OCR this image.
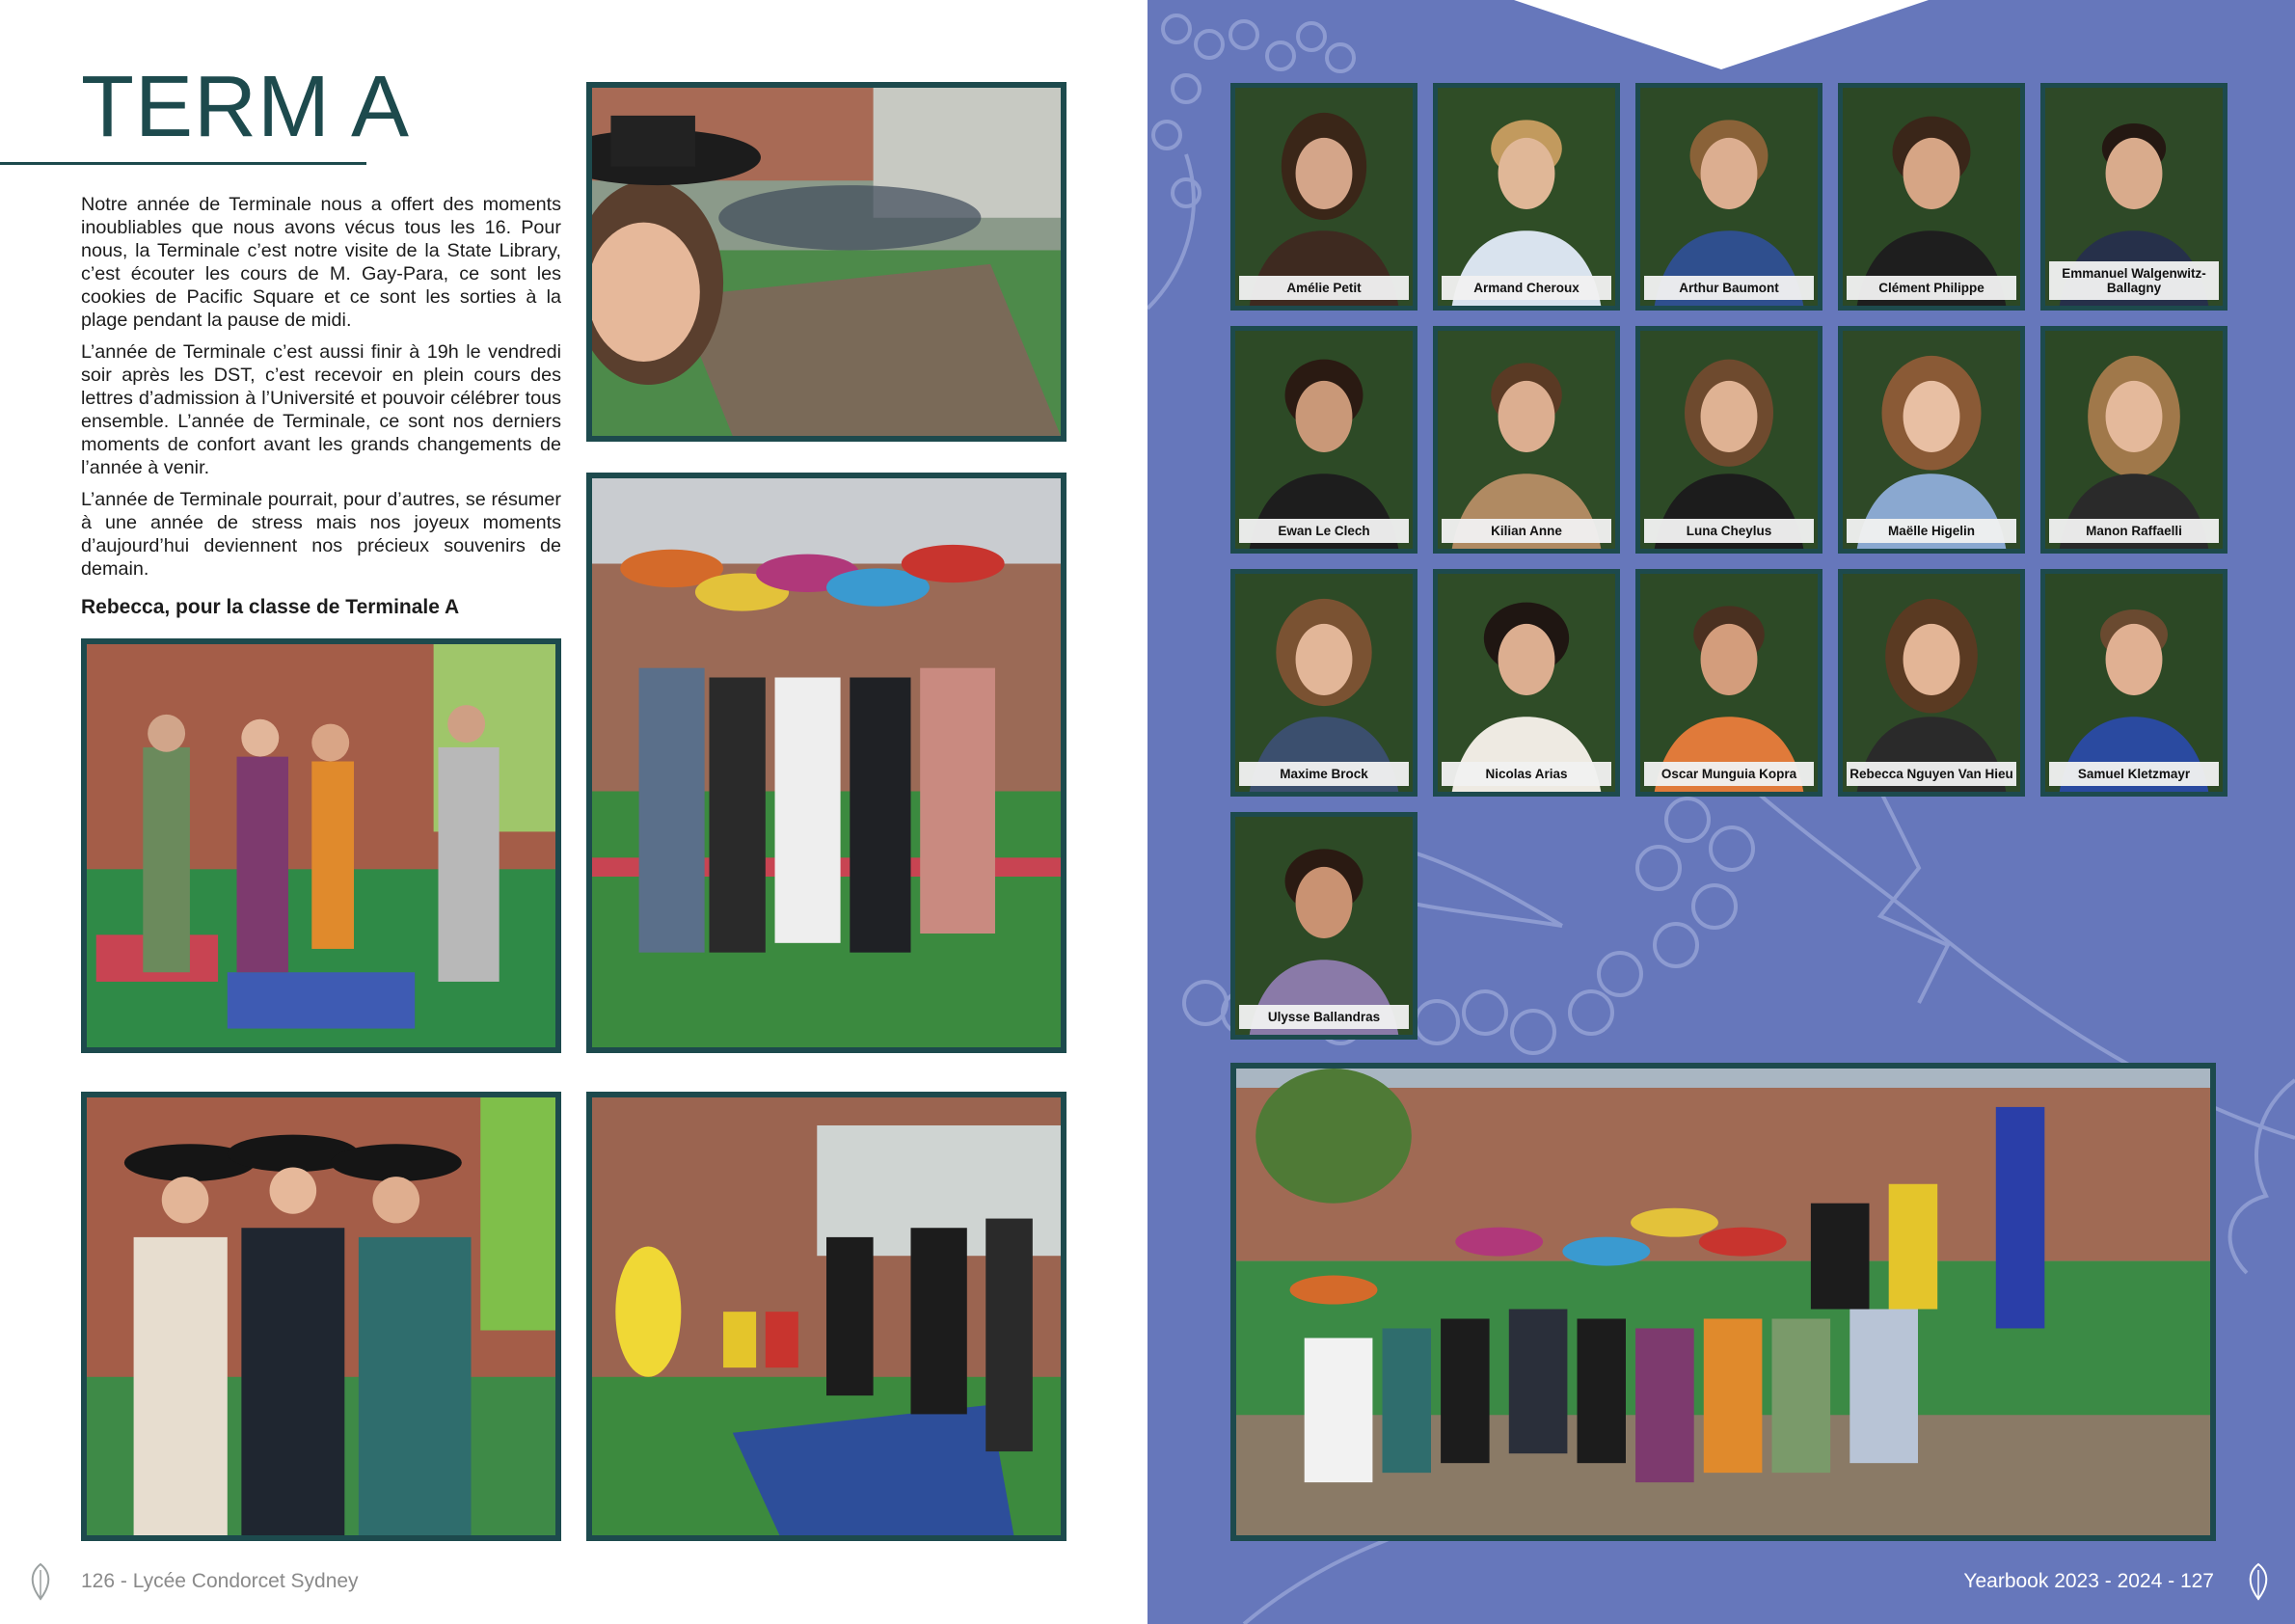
TERM A

Notre année de Terminale nous a offert des moments inoubliables que nous avons vécus tous les 16. Pour nous, la Terminale c’est notre visite de la State Library, c’est écouter les cours de M. Gay-Para, ce sont les cookies de Pacific Square et ce sont les sorties à la plage pendant la pause de midi.

L’année de Terminale c’est aussi finir à 19h le vendredi soir après les DST, c’est recevoir en plein cours des lettres d’admission à l’Université et pouvoir célébrer tous ensemble. L’année de Terminale, ce sont nos derniers moments de confort avant les grands changements de l’année à venir.

L’année de Terminale pourrait, pour d’autres, se résumer à une année de stress mais nos joyeux moments d’aujourd’hui deviennent nos précieux souvenirs de demain.

Rebecca, pour la classe de Terminale A

126 - Lycée Condorcet Sydney
Amélie Petit	Armand Cheroux	Arthur Baumont	Clément Philippe
Emmanuel Walgenwitz-Ballagny
Ewan Le Clech	Kilian Anne	Luna Cheylus	Maëlle Higelin	Manon Raffaelli
Maxime Brock	Nicolas Arias	Oscar Munguia Kopra	Rebecca Nguyen Van Hieu	Samuel Kletzmayr
Ulysse Ballandras
Yearbook 2023 - 2024 - 127
